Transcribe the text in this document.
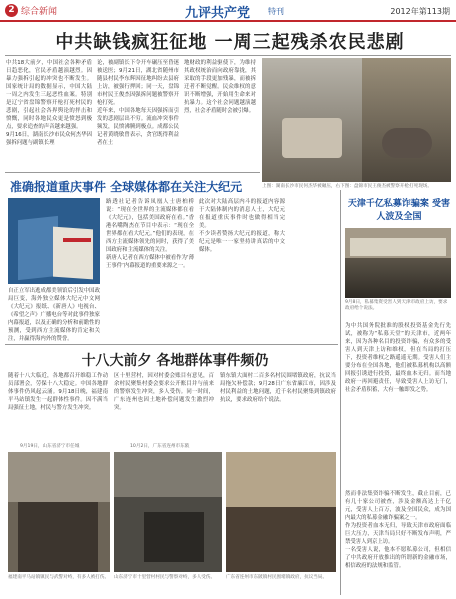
2 综合新闻	九评共产党 特刊	2012年第113期
中共缺钱疯狂征地 一周三起残杀农民悲剧
中共18大前夕，中国社会各种矛盾日趋恶化，官民矛盾越演越烈。因暴力强拆引起的冲突也不断发生。国家统计局的数据显示，中国大陆一周之内发生三起恶性血案。特别是辽宁省盘锦警察开枪打死村民的悲剧，引起社会各界舆论的抨击和愤慨，同时各地民众更是愤怒到极点，要求追查的声音越来越强。
9月16日，湖南长沙市民众何杰华因强拆问题与副镇长理
论，被副镇长下令开车碾压至昏迷被送医；9月21日，湖北省随州市随县村民李东辉因征地纠纷去县府上访，被强行押回；同一天，盘锦市村民王俊杰因强拆问题被警察开枪打死。
近年来，中国各地每天因强拆而引发的悲剧层出不穷。流血冲突事件频发，民愤沸腾到极点。成都公民记者黄晓敏曾表示，贪官既得利益者在土
地财政的利益驱使下，为维持其政权统治而向政府靠拢，其采取的手段更加残暴，而被拆迁者不断觉醒。民众维权的意识不断增强，开始用生命来对抗暴力。这个社会问题越演越烈，社会矛盾随时会被引爆。
上图：湖南长沙市民何杰华被碾压，右下图：盘锦市民王俊杰被警察开枪打死现场。
准确报道重庆事件 全球媒体都在关注大纪元
自正立军出逃成都美领馆后引发中国政局巨变，海外独立媒体大纪元中文网《大纪元》报纸、《新唐人》电视台、《希望之声》广播电台等对此事件独家内幕报道，以及正确的分析和前瞻性的预测，受到西方主流媒体的肯定和关注，并赢得海内外的赞誉。
路透社记者告诉凤凰人士唐柏桥说：“现在全世界的主流媒体都在看《大纪元》，包括美国政府在看。”香港名嘴陶杰在节目中表示：“现在全世界都在看大纪元。”他们的表现，在西方主流媒体领先的同时，获得了美国政府和主流媒体的关注。
新唐人记者在西方媒体中被看作为‘薄王事件’内幕报道的重要来源之一。
此次对大陆高层内斗的报道内容源于大陆体制内的消息人士，大纪元在报道重庆事件时也做得相当完美。
不少读者赞扬大纪元的报道，称大纪元是唯一一家坚持讲真话的中文媒体。
天津千亿私募诈骗案 受害人波及全国
9月8日，私募集资受害人到天津市政府上访，要求政府给个说法。
为中共国务院批准的股权投资基金先行先试，被称为“私募天堂”的天津市，近两年来，因为各种名目的投资诈骗，有众多的受害人到天津上访和维权，但在当局的打压下，投资者维权之路遥遥无期。受害人们主要分布在全国各地，他们被私募机构以高额回报引诱进行投资，最终血本无归。而当地政府一再回避责任，导致受害人上访无门，社会矛盾积蓄，大有一触即发之势。

然而非法集资诈骗不断发生，截止目前，已有几十家公司被查，涉及金额高达上千亿元，受害人上百万，波及全国民众，成为国内最大的私募金融诈骗案之一。
作为投资者血本无归，导致天津市政府面临巨大压力，天津当局只好不断发布声明，严禁受害人到京上访。
一名受害人说，他本不愿私募公司，但相信了中共政府开放推出的所谓新的金融市场，相信政府的法规和监管。

十八大前夕 各地群体事件频仍
随着十八大临近，各地都召开维稳工作动员部署会，劳保十八大稳定。中国各地群体事件仍风起云涌。9月18日晚，福建南平马站镇发生一起群体性事件。因不满当局强征土地，村民与警方发生冲突。
区十里营村，因对村委会账目有意见，百余村民聚集村委会要求公开账目并与前来的警察发生冲突，多人受伤。同一时间，广东连州也因土地补偿问题发生激烈冲突。
镇东镇大面村二百多名村民围堵镇政府，抗议当局拖欠补偿款；9月28日广东省廉江市，因涉及村民利益的土地问题，近千名村民聚集到镇政府抗议，要求政府给个说法。
9月19日，山东省济宁市任城	10月2日，广东省连州市东陂
福建南平马站镇镇民与武警对峙，有多人被打伤。 山东济宁市十里营村村民与警察对峙，多人受伤。	广东省连州市东陂镇村民围堵镇政府，抗议当局。
